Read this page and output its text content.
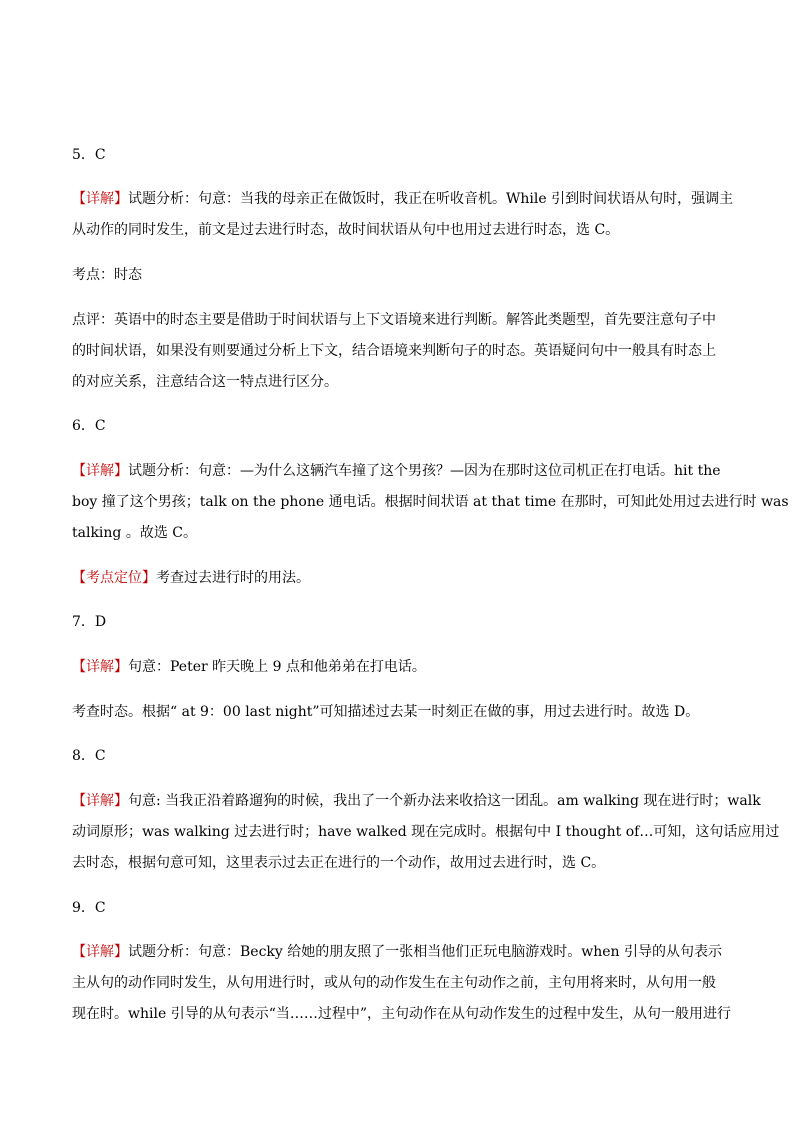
5．C
【详解】试题分析：句意：当我的母亲正在做饭时，我正在听收音机。While 引到时间状语从句时，强调主
从动作的同时发生，前文是过去进行时态，故时间状语从句中也用过去进行时态，选 C。
考点：时态
点评：英语中的时态主要是借助于时间状语与上下文语境来进行判断。解答此类题型，首先要注意句子中
的时间状语，如果没有则要通过分析上下文，结合语境来判断句子的时态。英语疑问句中一般具有时态上
的对应关系，注意结合这一特点进行区分。
6．C
【详解】试题分析：句意：—为什么这辆汽车撞了这个男孩？—因为在那时这位司机正在打电话。hit the
boy 撞了这个男孩；talk on the phone 通电话。根据时间状语 at that time 在那时，可知此处用过去进行时 was
talking 。故选 C。
【考点定位】考查过去进行时的用法。
7．D
【详解】句意：Peter 昨天晚上 9 点和他弟弟在打电话。
考查时态。根据“ at 9：00 last night”可知描述过去某一时刻正在做的事，用过去进行时。故选 D。
8．C
【详解】句意: 当我正沿着路遛狗的时候，我出了一个新办法来收拾这一团乱。am walking 现在进行时；walk
动词原形；was walking 过去进行时；have walked 现在完成时。根据句中 I thought of…可知，这句话应用过
去时态，根据句意可知，这里表示过去正在进行的一个动作，故用过去进行时，选 C。
9．C
【详解】试题分析：句意：Becky 给她的朋友照了一张相当他们正玩电脑游戏时。when 引导的从句表示
主从句的动作同时发生，从句用进行时，或从句的动作发生在主句动作之前，主句用将来时，从句用一般
现在时。while 引导的从句表示“当……过程中”，主句动作在从句动作发生的过程中发生，从句一般用进行
